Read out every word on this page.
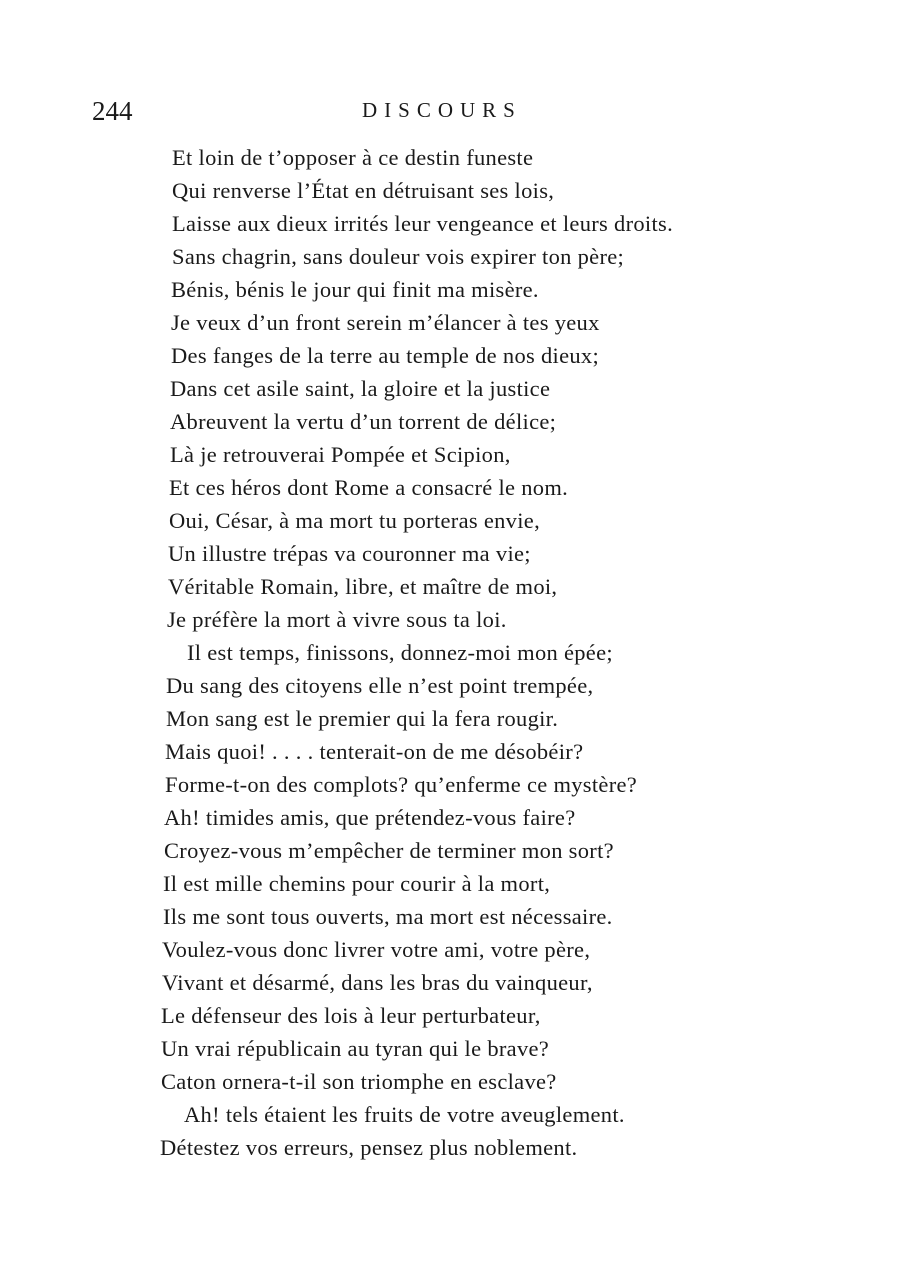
244	DISCOURS
Et loin de t’opposer à ce destin funeste
Qui renverse l’État en détruisant ses lois,
Laisse aux dieux irrités leur vengeance et leurs droits.
Sans chagrin, sans douleur vois expirer ton père;
Bénis, bénis le jour qui finit ma misère.
Je veux d’un front serein m’élancer à tes yeux
Des fanges de la terre au temple de nos dieux;
Dans cet asile saint, la gloire et la justice
Abreuvent la vertu d’un torrent de délice;
Là je retrouverai Pompée et Scipion,
Et ces héros dont Rome a consacré le nom.
Oui, César, à ma mort tu porteras envie,
Un illustre trépas va couronner ma vie;
Véritable Romain, libre, et maître de moi,
Je préfère la mort à vivre sous ta loi.
Il est temps, finissons, donnez-moi mon épée;
Du sang des citoyens elle n’est point trempée,
Mon sang est le premier qui la fera rougir.
Mais quoi! . . . . tenterait-on de me désobéir?
Forme-t-on des complots? qu’enferme ce mystère?
Ah! timides amis, que prétendez-vous faire?
Croyez-vous m’empêcher de terminer mon sort?
Il est mille chemins pour courir à la mort,
Ils me sont tous ouverts, ma mort est nécessaire.
Voulez-vous donc livrer votre ami, votre père,
Vivant et désarmé, dans les bras du vainqueur,
Le défenseur des lois à leur perturbateur,
Un vrai républicain au tyran qui le brave?
Caton ornera-t-il son triomphe en esclave?
Ah! tels étaient les fruits de votre aveuglement.
Détestez vos erreurs, pensez plus noblement.
